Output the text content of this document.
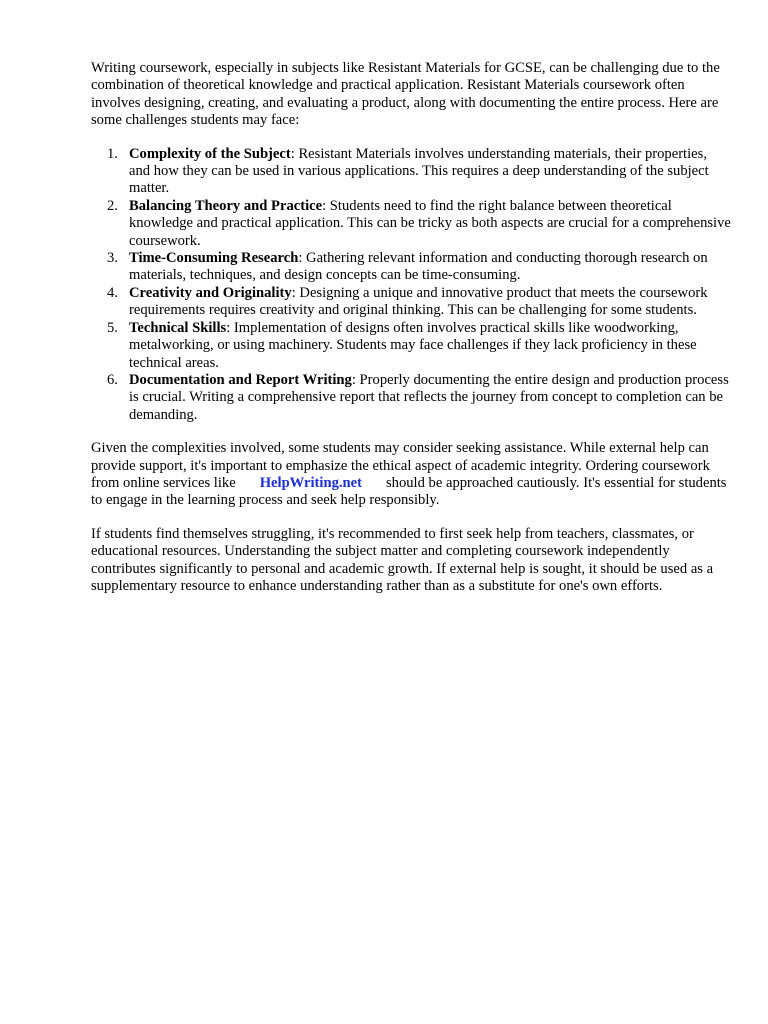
Writing coursework, especially in subjects like Resistant Materials for GCSE, can be challenging due to the combination of theoretical knowledge and practical application. Resistant Materials coursework often involves designing, creating, and evaluating a product, along with documenting the entire process. Here are some challenges students may face:

1. Complexity of the Subject: Resistant Materials involves understanding materials, their properties, and how they can be used in various applications. This requires a deep understanding of the subject matter.
2. Balancing Theory and Practice: Students need to find the right balance between theoretical knowledge and practical application. This can be tricky as both aspects are crucial for a comprehensive coursework.
3. Time-Consuming Research: Gathering relevant information and conducting thorough research on materials, techniques, and design concepts can be time-consuming.
4. Creativity and Originality: Designing a unique and innovative product that meets the coursework requirements requires creativity and original thinking. This can be challenging for some students.
5. Technical Skills: Implementation of designs often involves practical skills like woodworking, metalworking, or using machinery. Students may face challenges if they lack proficiency in these technical areas.
6. Documentation and Report Writing: Properly documenting the entire design and production process is crucial. Writing a comprehensive report that reflects the journey from concept to completion can be demanding.

Given the complexities involved, some students may consider seeking assistance. While external help can provide support, it's important to emphasize the ethical aspect of academic integrity. Ordering coursework from online services like HelpWriting.net should be approached cautiously. It's essential for students to engage in the learning process and seek help responsibly.

If students find themselves struggling, it's recommended to first seek help from teachers, classmates, or educational resources. Understanding the subject matter and completing coursework independently contributes significantly to personal and academic growth. If external help is sought, it should be used as a supplementary resource to enhance understanding rather than as a substitute for one's own efforts.
